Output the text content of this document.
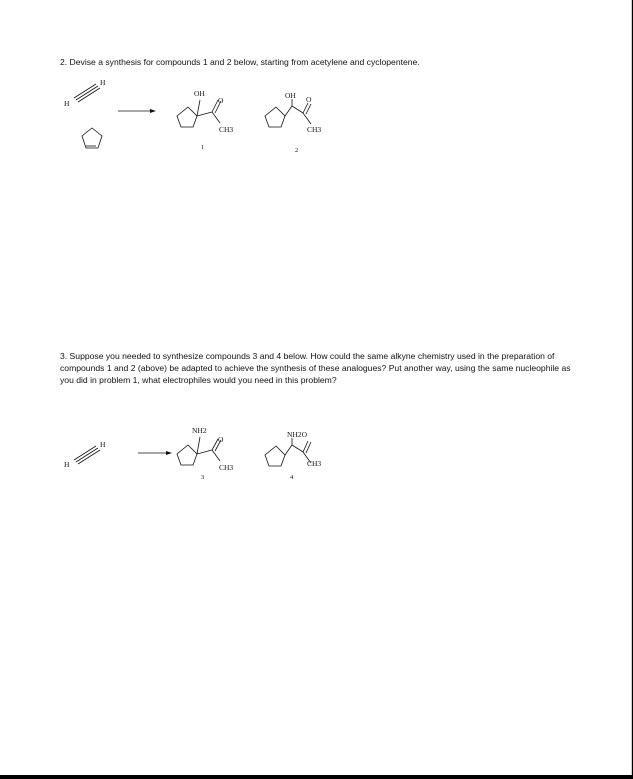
2. Devise a synthesis for compounds 1 and 2 below, starting from acetylene and cyclopentene.

H
H
OH
O
CH3
1
OH O
CH3
2

3. Suppose you needed to synthesize compounds 3 and 4 below. How could the same alkyne chemistry used in the preparation of compounds 1 and 2 (above) be adapted to achieve the synthesis of these analogues? Put another way, using the same nucleophile as you did in problem 1, what electrophiles would you need in this problem?

H
H
NH2
O
CH3
3
NH2O
CH3
4
